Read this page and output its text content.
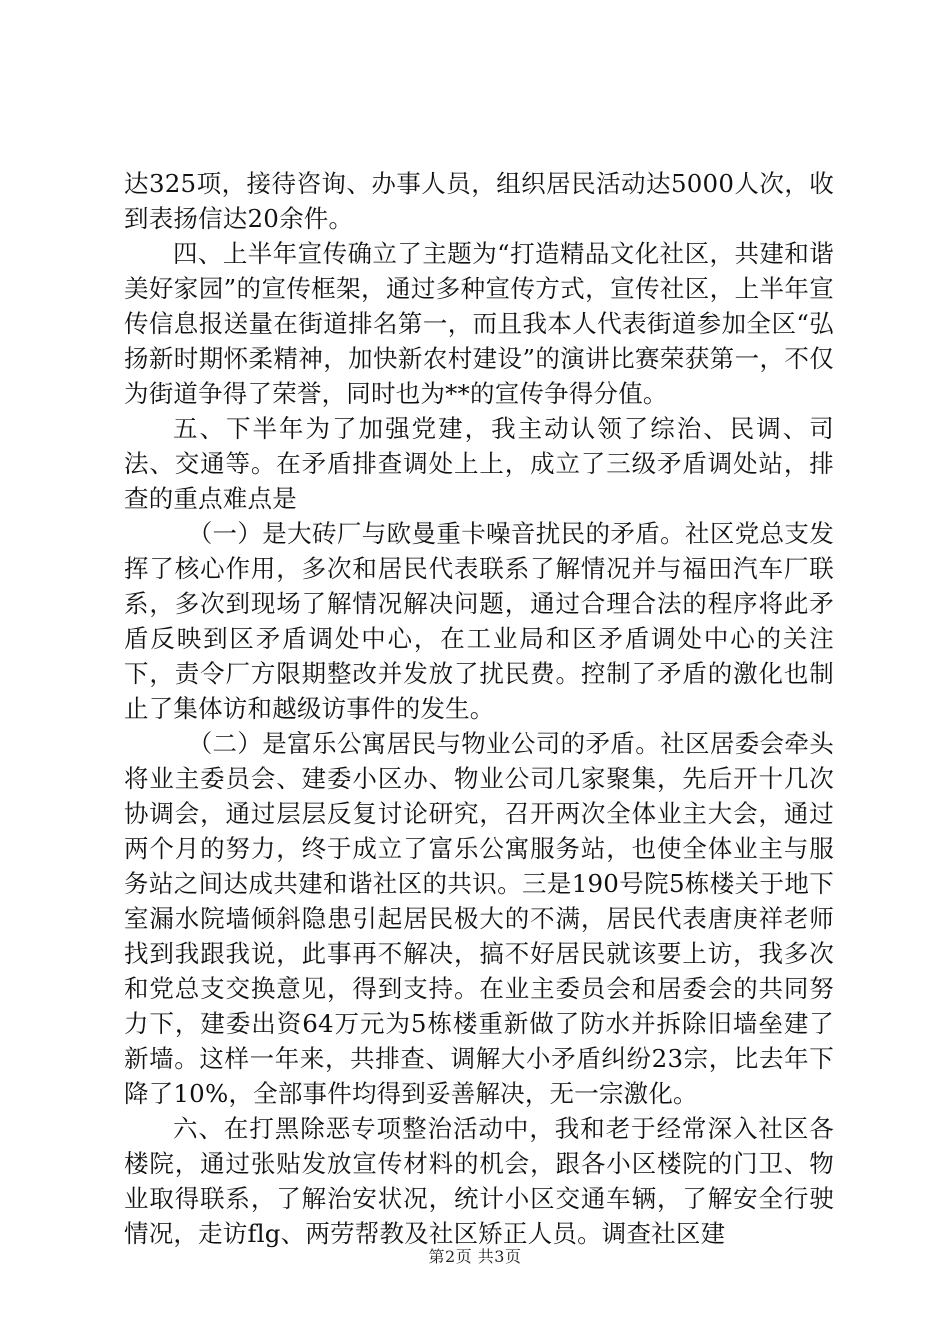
达325项，接待咨询、办事人员，组织居民活动达5000人次，收到表扬信达20余件。

四、上半年宣传确立了主题为“打造精品文化社区，共建和谐美好家园”的宣传框架，通过多种宣传方式，宣传社区，上半年宣传信息报送量在街道排名第一，而且我本人代表街道参加全区“弘扬新时期怀柔精神，加快新农村建设”的演讲比赛荣获第一，不仅为街道争得了荣誉，同时也为**的宣传争得分值。

五、下半年为了加强党建，我主动认领了综治、民调、司法、交通等。在矛盾排查调处上上，成立了三级矛盾调处站，排查的重点难点是

（一）是大砖厂与欧曼重卡噪音扰民的矛盾。社区党总支发挥了核心作用，多次和居民代表联系了解情况并与福田汽车厂联系，多次到现场了解情况解决问题，通过合理合法的程序将此矛盾反映到区矛盾调处中心，在工业局和区矛盾调处中心的关注下，责令厂方限期整改并发放了扰民费。控制了矛盾的激化也制止了集体访和越级访事件的发生。

（二）是富乐公寓居民与物业公司的矛盾。社区居委会牵头将业主委员会、建委小区办、物业公司几家聚集，先后开十几次协调会，通过层层反复讨论研究，召开两次全体业主大会，通过两个月的努力，终于成立了富乐公寓服务站，也使全体业主与服务站之间达成共建和谐社区的共识。三是190号院5栋楼关于地下室漏水院墙倾斜隐患引起居民极大的不满，居民代表唐庚祥老师找到我跟我说，此事再不解决，搞不好居民就该要上访，我多次和党总支交换意见，得到支持。在业主委员会和居委会的共同努力下，建委出资64万元为5栋楼重新做了防水并拆除旧墙垒建了新墙。这样一年来，共排查、调解大小矛盾纠纷23宗，比去年下降了10%，全部事件均得到妥善解决，无一宗激化。

六、在打黑除恶专项整治活动中，我和老于经常深入社区各楼院，通过张贴发放宣传材料的机会，跟各小区楼院的门卫、物业取得联系，了解治安状况，统计小区交通车辆，了解安全行驶情况，走访flg、两劳帮教及社区矫正人员。调查社区建

第2页 共3页
